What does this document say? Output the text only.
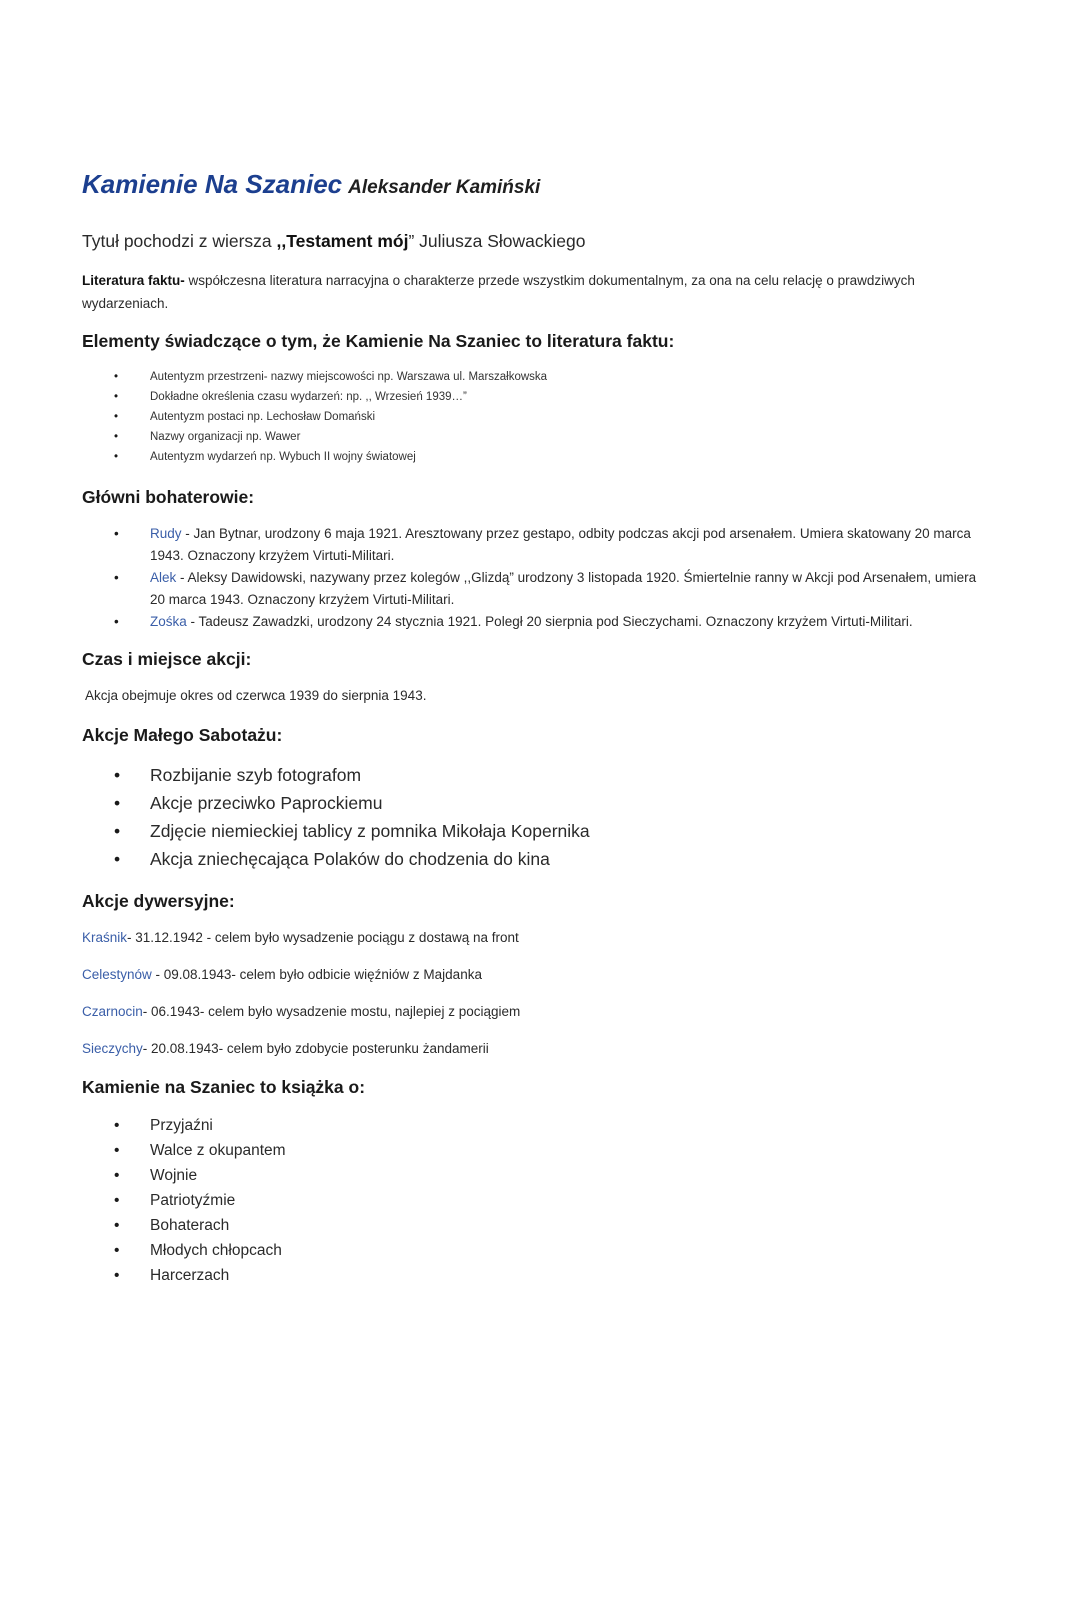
Kamienie Na Szaniec Aleksander Kamiński

Tytuł pochodzi z wiersza ,,Testament mój” Juliusza Słowackiego

Literatura faktu- współczesna literatura narracyjna o charakterze przede wszystkim dokumentalnym, za ona na celu relację o prawdziwych wydarzeniach.

Elementy świadczące o tym, że Kamienie Na Szaniec to literatura faktu:
• Autentyzm przestrzeni- nazwy miejscowości np. Warszawa ul. Marszałkowska
• Dokładne określenia czasu wydarzeń: np. ,, Wrzesień 1939…”
• Autentyzm postaci np. Lechosław Domański
• Nazwy organizacji np. Wawer
• Autentyzm wydarzeń np. Wybuch II wojny światowej
Główni bohaterowie:
• Rudy - Jan Bytnar, urodzony 6 maja 1921. Aresztowany przez gestapo, odbity podczas akcji pod arsenałem. Umiera skatowany 20 marca 1943. Oznaczony krzyżem Virtuti-Militari.
• Alek - Aleksy Dawidowski, nazywany przez kolegów ,,Glizdą” urodzony 3 listopada 1920. Śmiertelnie ranny w Akcji pod Arsenałem, umiera 20 marca 1943. Oznaczony krzyżem Virtuti-Militari.
• Zośka - Tadeusz Zawadzki, urodzony 24 stycznia 1921. Poległ 20 sierpnia pod Sieczychami. Oznaczony krzyżem Virtuti-Militari.
Czas i miejsce akcji:

Akcja obejmuje okres od czerwca 1939 do sierpnia 1943.

Akcje Małego Sabotażu:
• Rozbijanie szyb fotografom
• Akcje przeciwko Paprockiemu
• Zdjęcie niemieckiej tablicy z pomnika Mikołaja Kopernika
• Akcja zniechęcająca Polaków do chodzenia do kina
Akcje dywersyjne:

Kraśnik- 31.12.1942 - celem było wysadzenie pociągu z dostawą na front

Celestynów - 09.08.1943- celem było odbicie więźniów z Majdanka

Czarnocin- 06.1943- celem było wysadzenie mostu, najlepiej z pociągiem

Sieczychy- 20.08.1943- celem było zdobycie posterunku żandamerii

Kamienie na Szaniec to książka o:
• Przyjaźni
• Walce z okupantem
• Wojnie
• Patriotyźmie
• Bohaterach
• Młodych chłopcach
• Harcerzach
